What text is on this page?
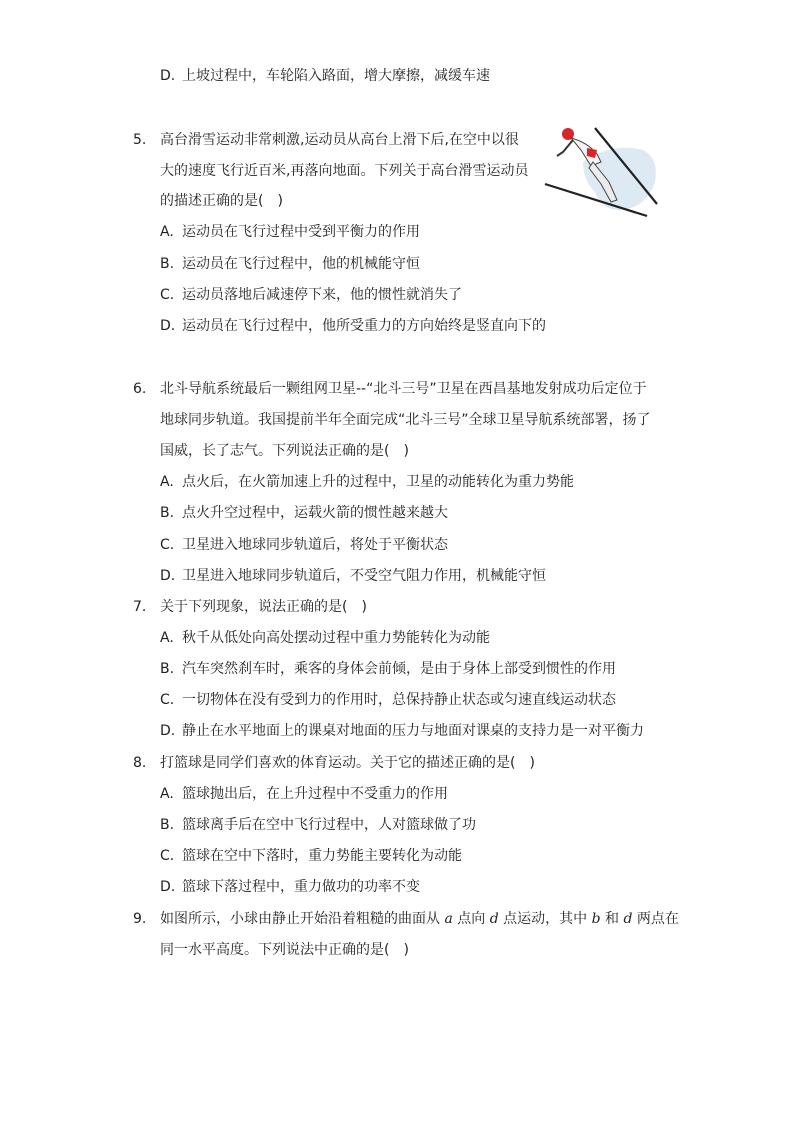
D. 上坡过程中，车轮陷入路面，增大摩擦，减缓车速
5. 高台滑雪运动非常刺激,运动员从高台上滑下后,在空中以很
大的速度飞行近百米,再落向地面。下列关于高台滑雪运动员
的描述正确的是(　)
A. 运动员在飞行过程中受到平衡力的作用
B. 运动员在飞行过程中，他的机械能守恒
C. 运动员落地后减速停下来，他的惯性就消失了
D. 运动员在飞行过程中，他所受重力的方向始终是竖直向下的
6. 北斗导航系统最后一颗组网卫星--“北斗三号”卫星在西昌基地发射成功后定位于
地球同步轨道。我国提前半年全面完成“北斗三号”全球卫星导航系统部署，扬了
国威，长了志气。下列说法正确的是(　)
A. 点火后，在火箭加速上升的过程中，卫星的动能转化为重力势能
B. 点火升空过程中，运载火箭的惯性越来越大
C. 卫星进入地球同步轨道后，将处于平衡状态
D. 卫星进入地球同步轨道后，不受空气阻力作用，机械能守恒
7. 关于下列现象，说法正确的是(　)
A. 秋千从低处向高处摆动过程中重力势能转化为动能
B. 汽车突然刹车时，乘客的身体会前倾，是由于身体上部受到惯性的作用
C. 一切物体在没有受到力的作用时，总保持静止状态或匀速直线运动状态
D. 静止在水平地面上的课桌对地面的压力与地面对课桌的支持力是一对平衡力
8. 打篮球是同学们喜欢的体育运动。关于它的描述正确的是(　)
A. 篮球抛出后，在上升过程中不受重力的作用
B. 篮球离手后在空中飞行过程中，人对篮球做了功
C. 篮球在空中下落时，重力势能主要转化为动能
D. 篮球下落过程中，重力做功的功率不变
9. 如图所示，小球由静止开始沿着粗糙的曲面从 a 点向 d 点运动，其中 b 和 d 两点在
同一水平高度。下列说法中正确的是(　)
